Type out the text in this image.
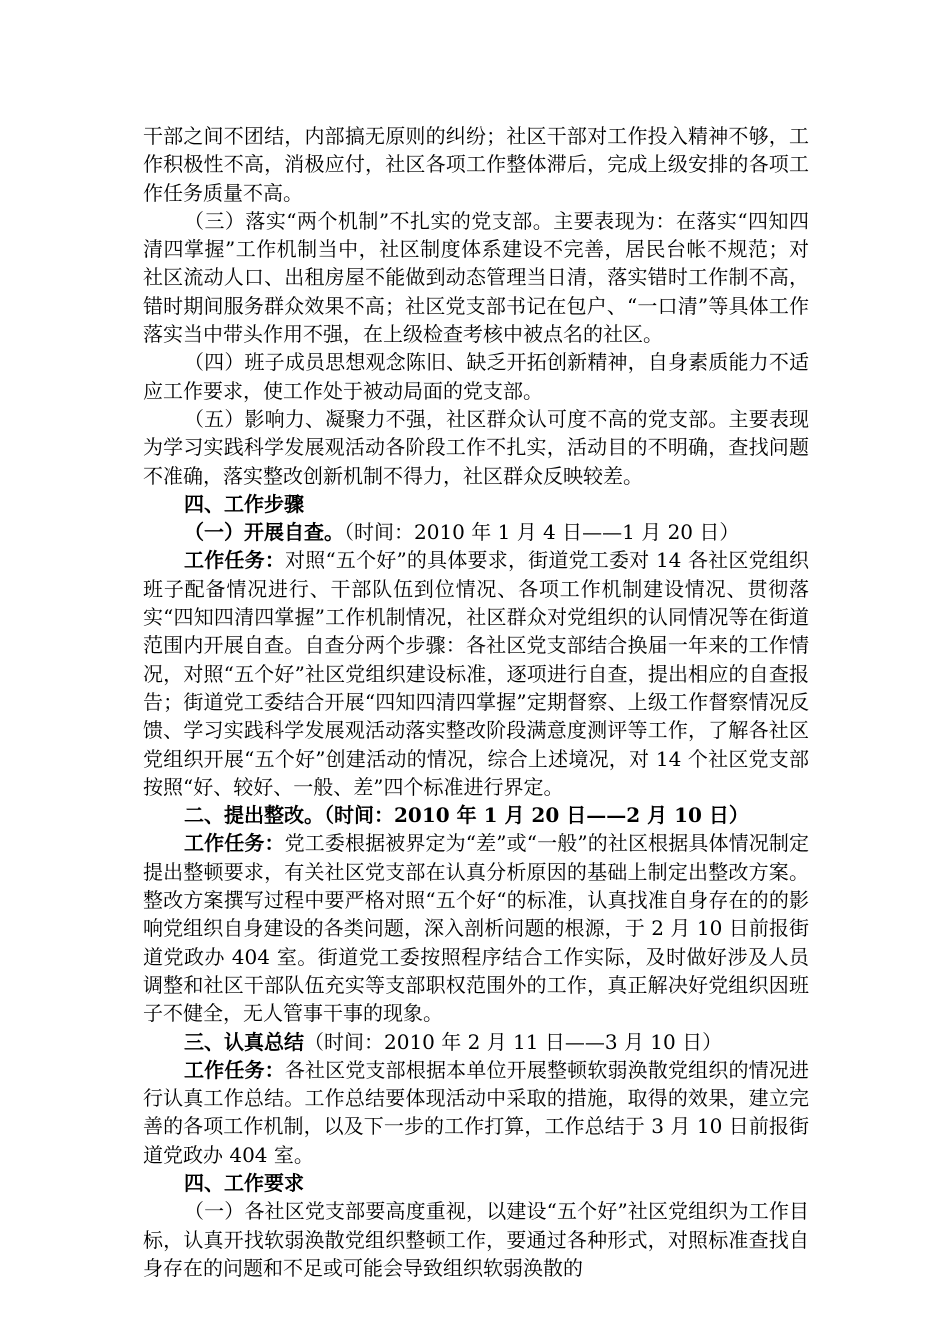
干部之间不团结，内部搞无原则的纠纷；社区干部对工作投入精神不够，工作积极性不高，消极应付，社区各项工作整体滞后，完成上级安排的各项工作任务质量不高。

（三）落实“两个机制”不扎实的党支部。主要表现为：在落实“四知四清四掌握”工作机制当中，社区制度体系建设不完善，居民台帐不规范；对社区流动人口、出租房屋不能做到动态管理当日清，落实错时工作制不高，错时期间服务群众效果不高；社区党支部书记在包户、“一口清”等具体工作落实当中带头作用不强，在上级检查考核中被点名的社区。

（四）班子成员思想观念陈旧、缺乏开拓创新精神，自身素质能力不适应工作要求，使工作处于被动局面的党支部。

（五）影响力、凝聚力不强，社区群众认可度不高的党支部。主要表现为学习实践科学发展观活动各阶段工作不扎实，活动目的不明确，查找问题不准确，落实整改创新机制不得力，社区群众反映较差。

四、工作步骤

（一）开展自查。（时间：2010 年 1 月 4 日——1 月 20 日）

工作任务：对照“五个好”的具体要求，街道党工委对 14 各社区党组织班子配备情况进行、干部队伍到位情况、各项工作机制建设情况、贯彻落实“四知四清四掌握”工作机制情况，社区群众对党组织的认同情况等在街道范围内开展自查。自查分两个步骤：各社区党支部结合换届一年来的工作情况，对照“五个好”社区党组织建设标准，逐项进行自查，提出相应的自查报告；街道党工委结合开展“四知四清四掌握”定期督察、上级工作督察情况反馈、学习实践科学发展观活动落实整改阶段满意度测评等工作，了解各社区党组织开展“五个好”创建活动的情况，综合上述境况，对 14 个社区党支部按照“好、较好、一般、差”四个标准进行界定。

二、提出整改。（时间：2010 年 1 月 20 日——2 月 10 日）

工作任务：党工委根据被界定为“差”或“一般”的社区根据具体情况制定提出整顿要求，有关社区党支部在认真分析原因的基础上制定出整改方案。整改方案撰写过程中要严格对照“五个好“的标准，认真找准自身存在的的影响党组织自身建设的各类问题，深入剖析问题的根源，于 2 月 10 日前报街道党政办 404 室。街道党工委按照程序结合工作实际，及时做好涉及人员调整和社区干部队伍充实等支部职权范围外的工作，真正解决好党组织因班子不健全，无人管事干事的现象。

三、认真总结（时间：2010 年 2 月 11 日——3 月 10 日）

工作任务：各社区党支部根据本单位开展整顿软弱涣散党组织的情况进行认真工作总结。工作总结要体现活动中采取的措施，取得的效果，建立完善的各项工作机制，以及下一步的工作打算，工作总结于 3 月 10 日前报街道党政办 404 室。

四、工作要求

（一）各社区党支部要高度重视，以建设“五个好”社区党组织为工作目标，认真开找软弱涣散党组织整顿工作，要通过各种形式，对照标准查找自身存在的问题和不足或可能会导致组织软弱涣散的
